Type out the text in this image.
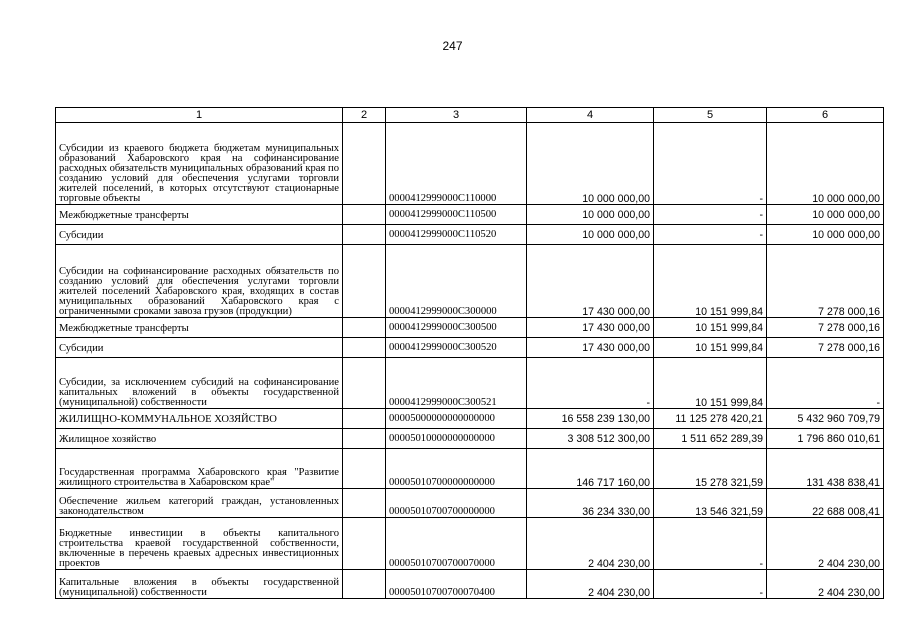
247
1	2	3	4	5	6
Субсидии из краевого бюджета бюджетам муниципальных образований Хабаровского края на софинансирование расходных обязательств муниципальных образований края по созданию условий для обеспечения услугами торговли жителей поселений, в которых отсутствуют стационарные торговые объекты		0000412999000C110000	10 000 000,00	-	10 000 000,00
Межбюджетные трансферты		0000412999000C110500	10 000 000,00	-	10 000 000,00
Субсидии		0000412999000C110520	10 000 000,00	-	10 000 000,00
Субсидии на софинансирование расходных обязательств по созданию условий для обеспечения услугами торговли жителей поселений Хабаровского края, входящих в состав муниципальных образований Хабаровского края с ограниченными сроками завоза грузов (продукции)		0000412999000C300000	17 430 000,00	10 151 999,84	7 278 000,16
Межбюджетные трансферты		0000412999000C300500	17 430 000,00	10 151 999,84	7 278 000,16
Субсидии		0000412999000C300520	17 430 000,00	10 151 999,84	7 278 000,16
Субсидии, за исключением субсидий на софинансирование капитальных вложений в объекты государственной (муниципальной) собственности		0000412999000C300521	-	10 151 999,84	-
ЖИЛИЩНО-КОММУНАЛЬНОЕ ХОЗЯЙСТВО		00005000000000000000	16 558 239 130,00	11 125 278 420,21	5 432 960 709,79
Жилищное хозяйство		00005010000000000000	3 308 512 300,00	1 511 652 289,39	1 796 860 010,61
Государственная программа Хабаровского края "Развитие жилищного строительства в Хабаровском крае"		00005010700000000000	146 717 160,00	15 278 321,59	131 438 838,41
Обеспечение жильем категорий граждан, установленных законодательством		00005010700700000000	36 234 330,00	13 546 321,59	22 688 008,41
Бюджетные инвестиции в объекты капитального строительства краевой государственной собственности, включенные в перечень краевых адресных инвестиционных проектов		00005010700700070000	2 404 230,00	-	2 404 230,00
Капитальные вложения в объекты государственной (муниципальной) собственности		00005010700700070400	2 404 230,00	-	2 404 230,00
